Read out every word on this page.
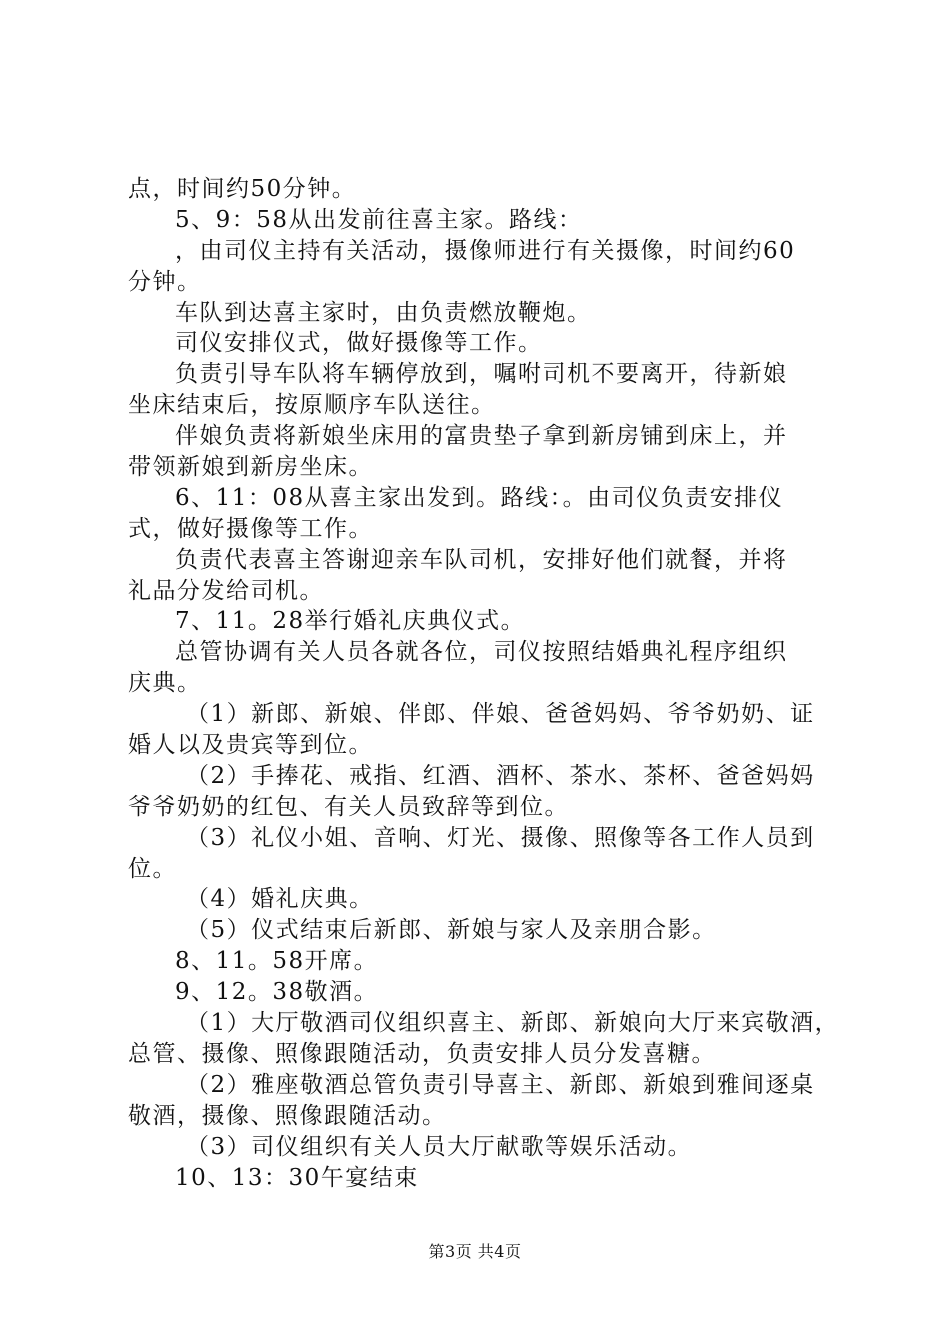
点，时间约50分钟。
5、9：58从出发前往喜主家。路线：
，由司仪主持有关活动，摄像师进行有关摄像，时间约60
分钟。
车队到达喜主家时，由负责燃放鞭炮。
司仪安排仪式，做好摄像等工作。
负责引导车队将车辆停放到，嘱咐司机不要离开，待新娘
坐床结束后，按原顺序车队送往。
伴娘负责将新娘坐床用的富贵垫子拿到新房铺到床上，并
带领新娘到新房坐床。
6、11：08从喜主家出发到。路线：。由司仪负责安排仪
式，做好摄像等工作。
负责代表喜主答谢迎亲车队司机，安排好他们就餐，并将
礼品分发给司机。
7、11。28举行婚礼庆典仪式。
总管协调有关人员各就各位，司仪按照结婚典礼程序组织
庆典。
（1）新郎、新娘、伴郎、伴娘、爸爸妈妈、爷爷奶奶、证
婚人以及贵宾等到位。
（2）手捧花、戒指、红酒、酒杯、茶水、茶杯、爸爸妈妈
爷爷奶奶的红包、有关人员致辞等到位。
（3）礼仪小姐、音响、灯光、摄像、照像等各工作人员到
位。
（4）婚礼庆典。
（5）仪式结束后新郎、新娘与家人及亲朋合影。
8、11。58开席。
9、12。38敬酒。
（1）大厅敬酒司仪组织喜主、新郎、新娘向大厅来宾敬酒，
总管、摄像、照像跟随活动，负责安排人员分发喜糖。
（2）雅座敬酒总管负责引导喜主、新郎、新娘到雅间逐桌
敬酒，摄像、照像跟随活动。
（3）司仪组织有关人员大厅献歌等娱乐活动。
10、13：30午宴结束
第3页 共4页
